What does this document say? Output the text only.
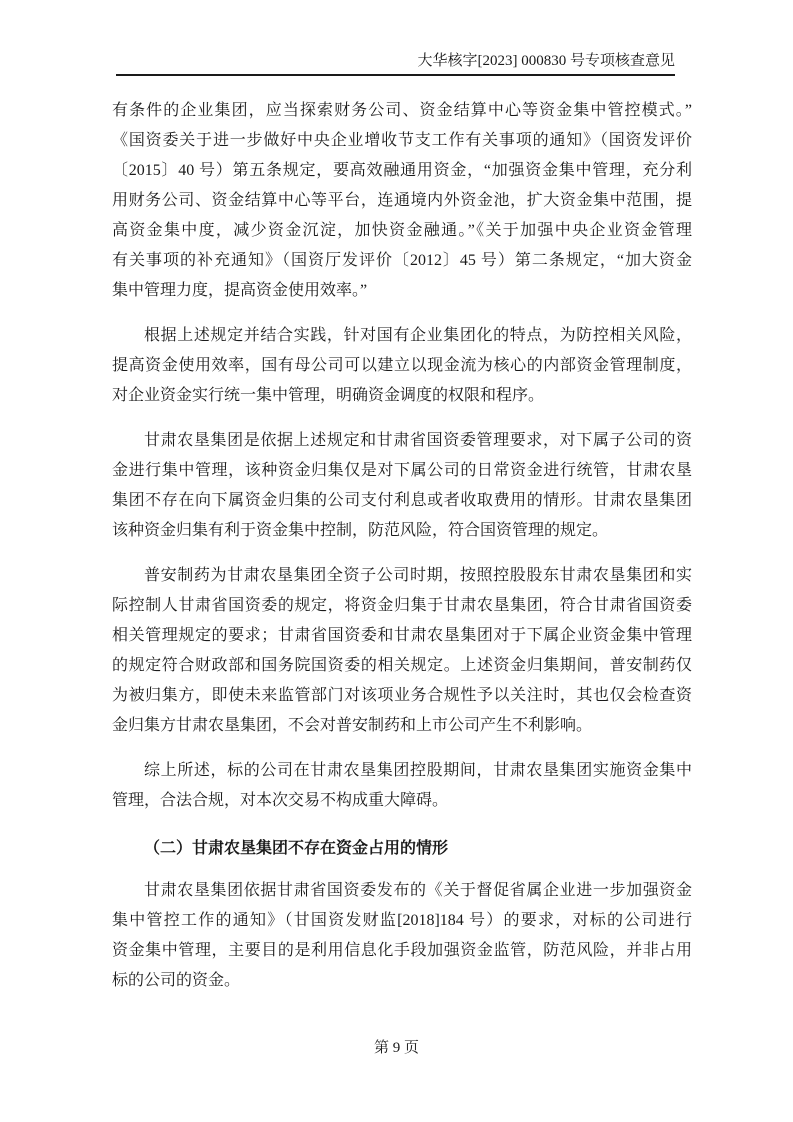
大华核字[2023] 000830 号专项核查意见
有条件的企业集团，应当探索财务公司、资金结算中心等资金集中管控模式。”
《国资委关于进一步做好中央企业增收节支工作有关事项的通知》（国资发评价
〔2015〕40 号）第五条规定，要高效融通用资金，“加强资金集中管理，充分利
用财务公司、资金结算中心等平台，连通境内外资金池，扩大资金集中范围，提
高资金集中度，减少资金沉淀，加快资金融通。”《关于加强中央企业资金管理
有关事项的补充通知》（国资厅发评价〔2012〕45 号）第二条规定，“加大资金
集中管理力度，提高资金使用效率。”
根据上述规定并结合实践，针对国有企业集团化的特点，为防控相关风险，
提高资金使用效率，国有母公司可以建立以现金流为核心的内部资金管理制度，
对企业资金实行统一集中管理，明确资金调度的权限和程序。
甘肃农垦集团是依据上述规定和甘肃省国资委管理要求，对下属子公司的资
金进行集中管理，该种资金归集仅是对下属公司的日常资金进行统管，甘肃农垦
集团不存在向下属资金归集的公司支付利息或者收取费用的情形。甘肃农垦集团
该种资金归集有利于资金集中控制，防范风险，符合国资管理的规定。
普安制药为甘肃农垦集团全资子公司时期，按照控股股东甘肃农垦集团和实
际控制人甘肃省国资委的规定，将资金归集于甘肃农垦集团，符合甘肃省国资委
相关管理规定的要求；甘肃省国资委和甘肃农垦集团对于下属企业资金集中管理
的规定符合财政部和国务院国资委的相关规定。上述资金归集期间，普安制药仅
为被归集方，即使未来监管部门对该项业务合规性予以关注时，其也仅会检查资
金归集方甘肃农垦集团，不会对普安制药和上市公司产生不利影响。
综上所述，标的公司在甘肃农垦集团控股期间，甘肃农垦集团实施资金集中
管理，合法合规，对本次交易不构成重大障碍。
（二）甘肃农垦集团不存在资金占用的情形
甘肃农垦集团依据甘肃省国资委发布的《关于督促省属企业进一步加强资金
集中管控工作的通知》（甘国资发财监[2018]184 号）的要求，对标的公司进行
资金集中管理，主要目的是利用信息化手段加强资金监管，防范风险，并非占用
标的公司的资金。
第 9 页
